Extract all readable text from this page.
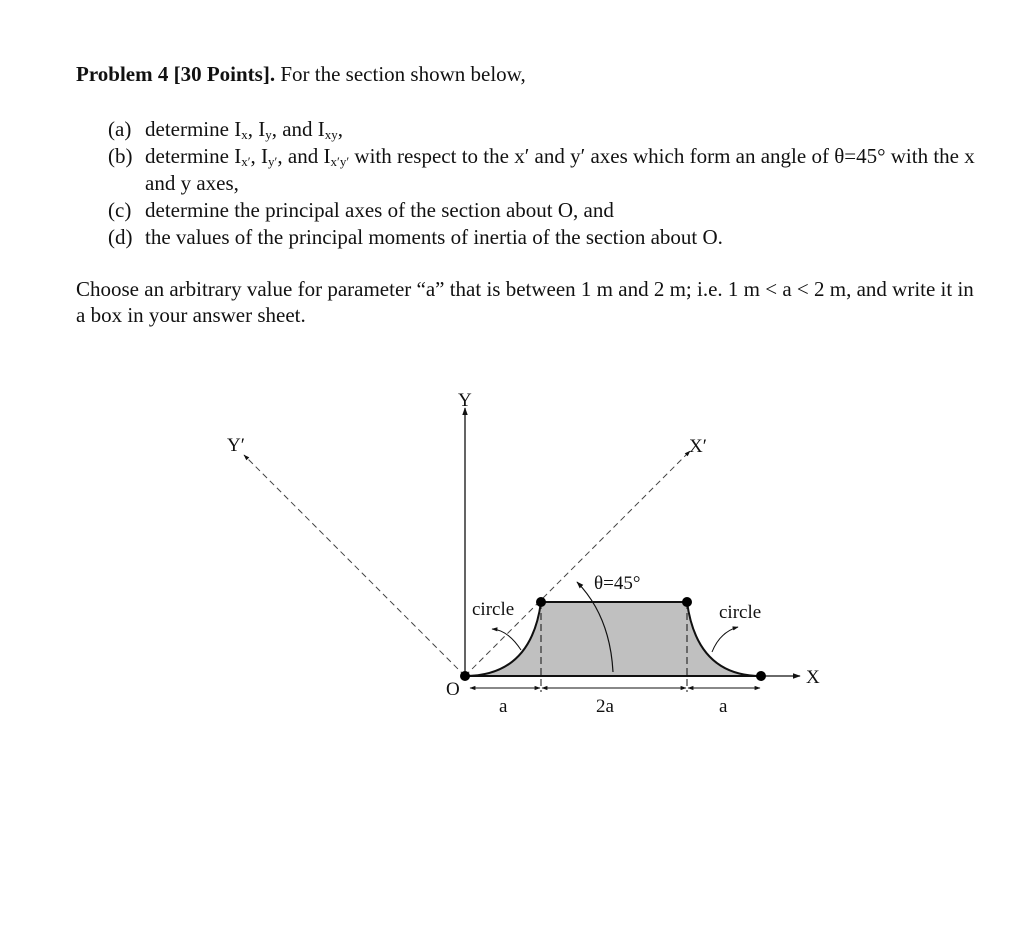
Problem 4 [30 Points]. For the section shown below,
(a) determine $I_x$, $I_y$, and $I_{xy}$,
(b) determine $I_{x'}$, $I_{y'}$, and $I_{x'y'}$ with respect to the x′ and y′ axes which form an angle of θ=45° with the x and y axes,
(c) determine the principal axes of the section about O, and
(d) the values of the principal moments of inertia of the section about O.
Choose an arbitrary value for parameter “a” that is between 1 m and 2 m; i.e. 1 m < a < 2 m, and write it in a box in your answer sheet.
Y
X
Y′	X′
O
θ=45°
circle	circle
a	2a	a
